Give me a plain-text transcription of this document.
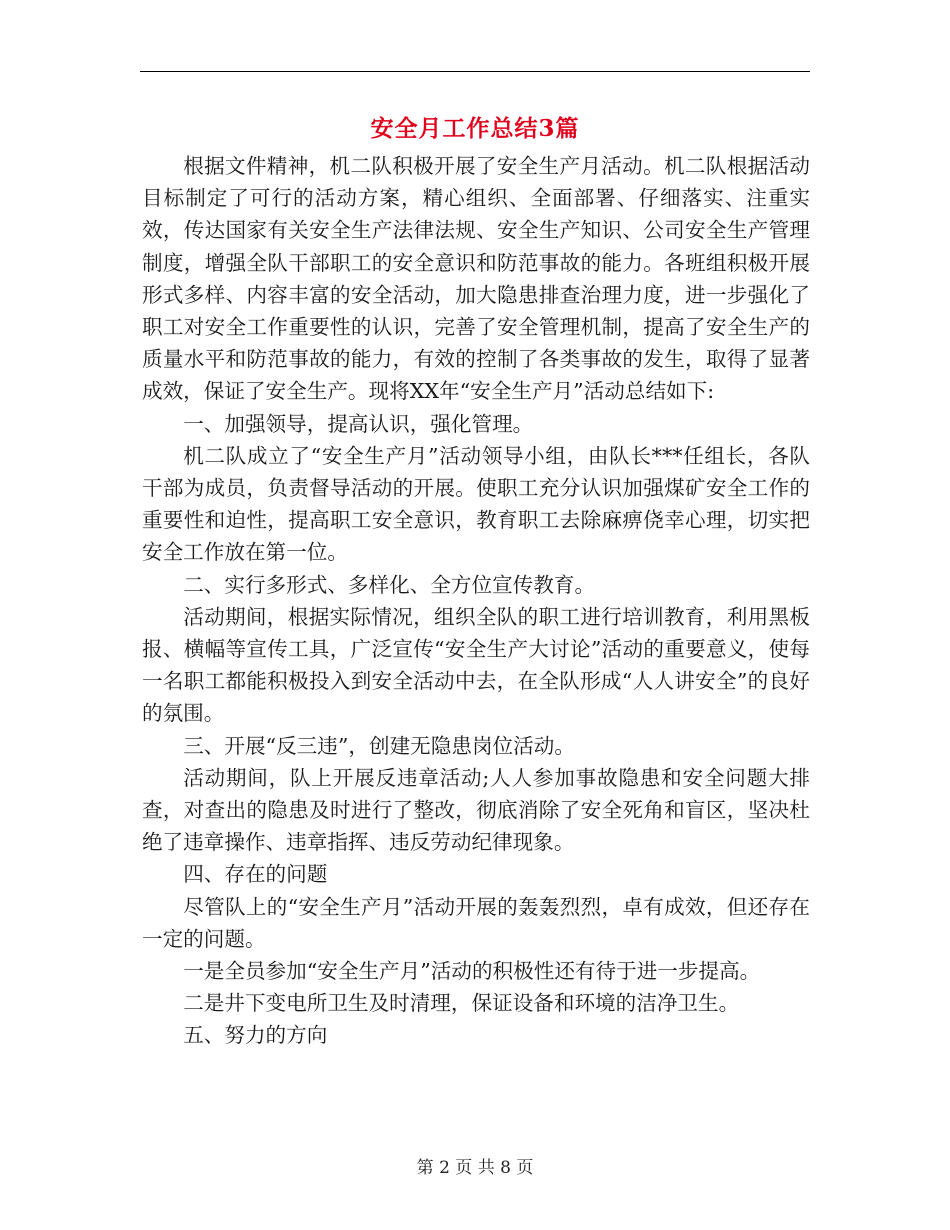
安全月工作总结3篇

根据文件精神，机二队积极开展了安全生产月活动。机二队根据活动目标制定了可行的活动方案，精心组织、全面部署、仔细落实、注重实效，传达国家有关安全生产法律法规、安全生产知识、公司安全生产管理制度，增强全队干部职工的安全意识和防范事故的能力。各班组积极开展形式多样、内容丰富的安全活动，加大隐患排查治理力度，进一步强化了职工对安全工作重要性的认识，完善了安全管理机制，提高了安全生产的质量水平和防范事故的能力，有效的控制了各类事故的发生，取得了显著成效，保证了安全生产。现将XX年“安全生产月”活动总结如下:

一、加强领导，提高认识，强化管理。

机二队成立了“安全生产月”活动领导小组，由队长***任组长，各队干部为成员，负责督导活动的开展。使职工充分认识加强煤矿安全工作的重要性和迫性，提高职工安全意识，教育职工去除麻痹侥幸心理，切实把安全工作放在第一位。

二、实行多形式、多样化、全方位宣传教育。

活动期间，根据实际情况，组织全队的职工进行培训教育，利用黑板报、横幅等宣传工具，广泛宣传“安全生产大讨论”活动的重要意义，使每一名职工都能积极投入到安全活动中去，在全队形成“人人讲安全”的良好的氛围。

三、开展“反三违”，创建无隐患岗位活动。

活动期间，队上开展反违章活动;人人参加事故隐患和安全问题大排查，对查出的隐患及时进行了整改，彻底消除了安全死角和盲区，坚决杜绝了违章操作、违章指挥、违反劳动纪律现象。

四、存在的问题

尽管队上的“安全生产月”活动开展的轰轰烈烈，卓有成效，但还存在一定的问题。

一是全员参加“安全生产月”活动的积极性还有待于进一步提高。

二是井下变电所卫生及时清理，保证设备和环境的洁净卫生。

五、努力的方向

第 2 页 共 8 页
